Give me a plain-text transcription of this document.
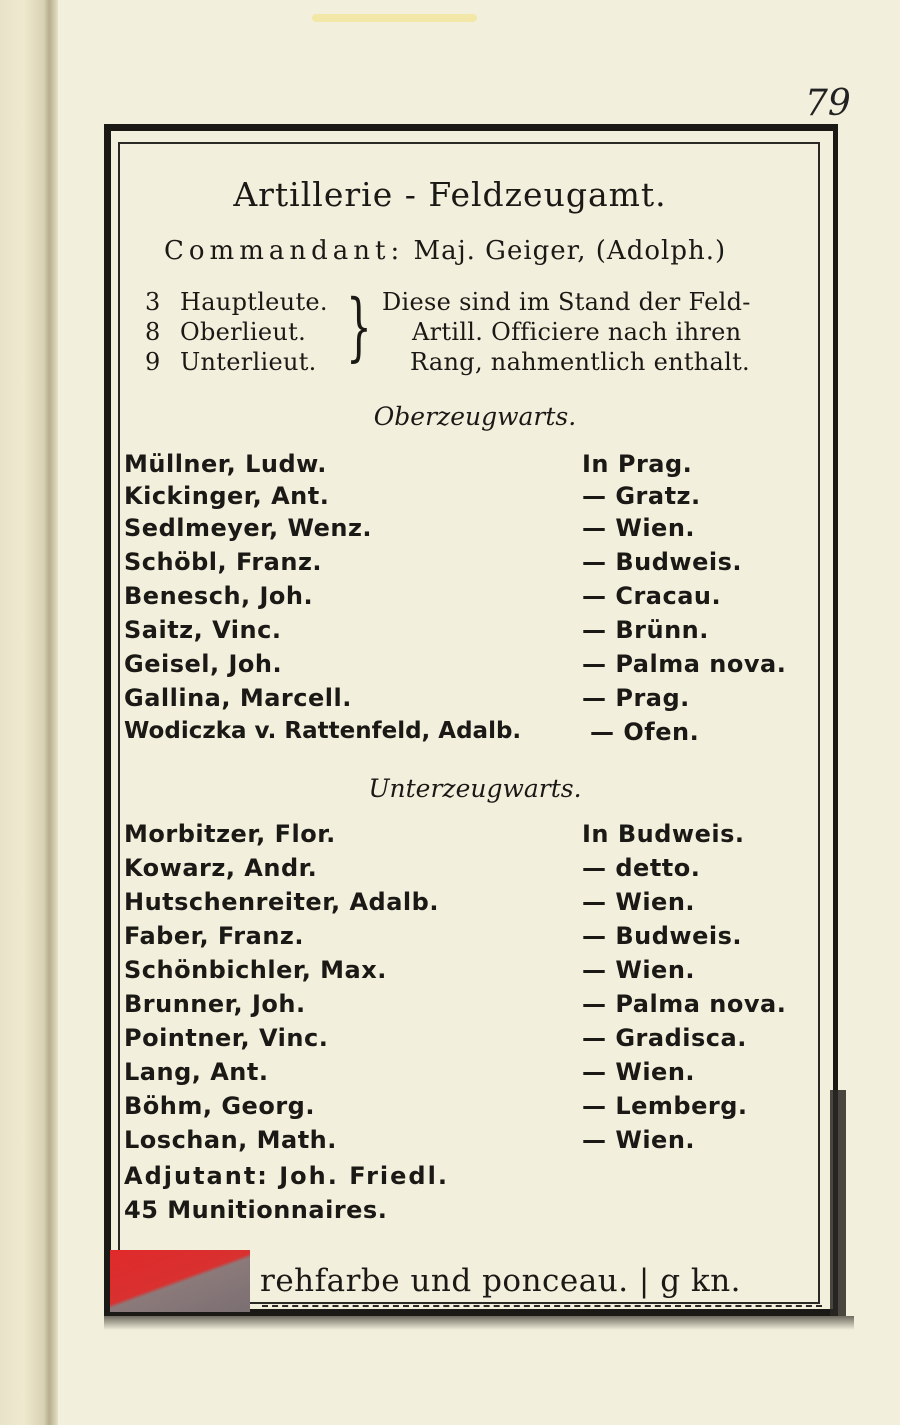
79
Artillerie - Feldzeugamt.
Commandant: Maj. Geiger, (Adolph.)
3 Hauptleute. Diese sind im Stand der Feld-
8 Oberlieut.	Artill. Officiere nach ihren
9 Unterlieut.	Rang, nahmentlich enthalt.
}
Oberzeugwarts.
Müllner, Ludw.	In Prag.
Kickinger, Ant.	— Gratz.
Sedlmeyer, Wenz.	— Wien.
Schöbl, Franz.	— Budweis.
Benesch, Joh.	— Cracau.
Saitz, Vinc.	— Brünn.
Geisel, Joh.	— Palma nova.
Gallina, Marcell.	— Prag.
Wodiczka v. Rattenfeld, Adalb.	— Ofen.
Unterzeugwarts.
Morbitzer, Flor.	In Budweis.
Kowarz, Andr.	— detto.
Hutschenreiter, Adalb.	— Wien.
Faber, Franz.	— Budweis.
Schönbichler, Max.	— Wien.
Brunner, Joh.	— Palma nova.
Pointner, Vinc.	— Gradisca.
Lang, Ant.	— Wien.
Böhm, Georg.	— Lemberg.
Loschan, Math.	— Wien.
Adjutant: Joh. Friedl.
45 Munitionnaires.
rehfarbe und ponceau. | g kn.
